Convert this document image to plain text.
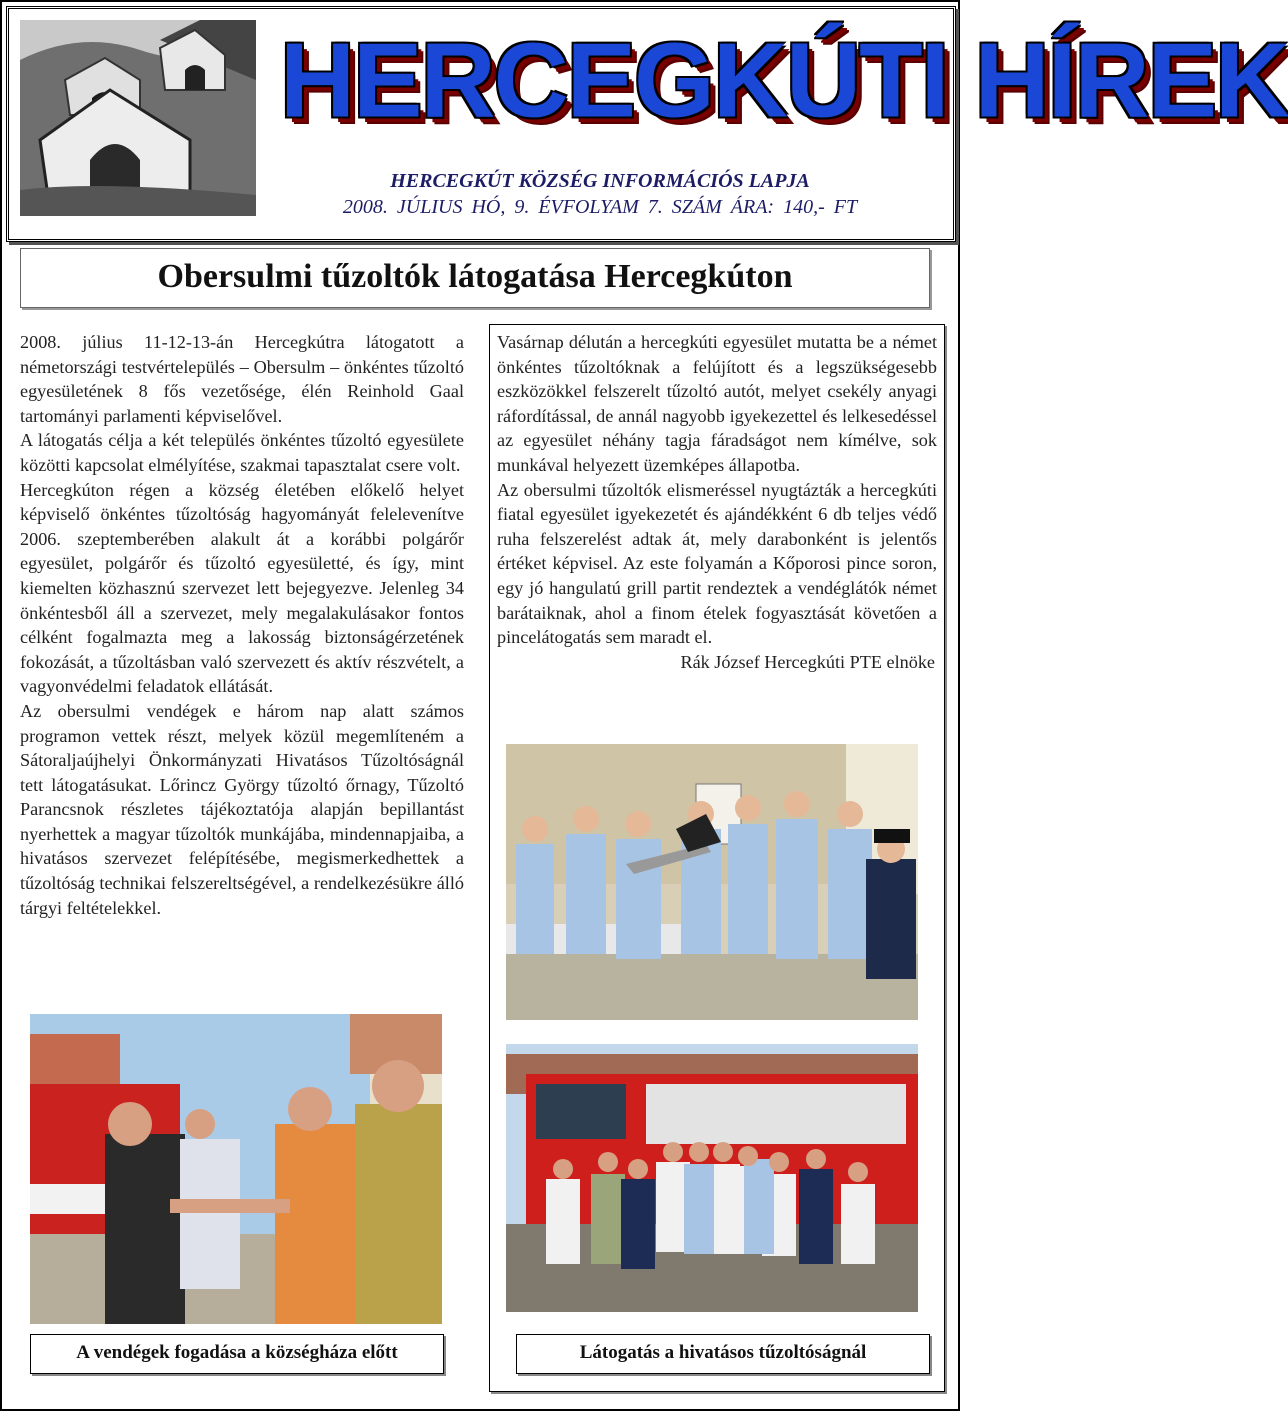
HERCEGKÚTI HÍREK
HERCEGKÚT KÖZSÉG INFORMÁCIÓS LAPJA
2008. JÚLIUS HÓ, 9. ÉVFOLYAM 7. SZÁM ÁRA: 140,- FT
Obersulmi tűzoltók látogatása Hercegkúton

2008. július 11-12-13-án Hercegkútra látogatott a németországi testvértelepülés – Obersulm – önkéntes tűzoltó egyesületének 8 fős vezetősége, élén Reinhold Gaal tartományi parlamenti képviselővel.

A látogatás célja a két település önkéntes tűzoltó egyesülete közötti kapcsolat elmélyítése, szakmai tapasztalat csere volt.

Hercegkúton régen a község életében előkelő helyet képviselő önkéntes tűzoltóság hagyományát felelevenítve 2006. szeptemberében alakult át a korábbi polgárőr egyesület, polgárőr és tűzoltó egyesületté, és így, mint kiemelten közhasznú szervezet lett bejegyezve. Jelenleg 34 önkéntesből áll a szervezet, mely megalakulásakor fontos célként fogalmazta meg a lakosság biztonságérzetének fokozását, a tűzoltásban való szervezett és aktív részvételt, a vagyonvédelmi feladatok ellátását.

Az obersulmi vendégek e három nap alatt számos programon vettek részt, melyek közül megemlíteném a Sátoraljaújhelyi Önkormányzati Hivatásos Tűzoltóságnál tett látogatásukat. Lőrincz György tűzoltó őrnagy, Tűzoltó Parancsnok részletes tájékoztatója alapján bepillantást nyerhettek a magyar tűzoltók munkájába, mindennapjaiba, a hivatásos szervezet felépítésébe, megismerkedhettek a tűzoltóság technikai felszereltségével, a rendelkezésükre álló tárgyi feltételekkel.

Vasárnap délután a hercegkúti egyesület mutatta be a német önkéntes tűzoltóknak a felújított és a legszükségesebb eszközökkel felszerelt tűzoltó autót, melyet csekély anyagi ráfordítással, de annál nagyobb igyekezettel és lelkesedéssel az egyesület néhány tagja fáradságot nem kímélve, sok munkával helyezett üzemképes állapotba.

Az obersulmi tűzoltók elismeréssel nyugtázták a hercegkúti fiatal egyesület igyekezetét és ajándékként 6 db teljes védő ruha felszerelést adtak át, mely darabonként is jelentős értéket képvisel. Az este folyamán a Kőporosi pince soron, egy jó hangulatú grill partit rendeztek a vendéglátók német barátaiknak, ahol a finom ételek fogyasztását követően a pincelátogatás sem maradt el.

Rák József Hercegkúti PTE elnöke

A vendégek fogadása a községháza előtt	Látogatás a hivatásos tűzoltóságnál
